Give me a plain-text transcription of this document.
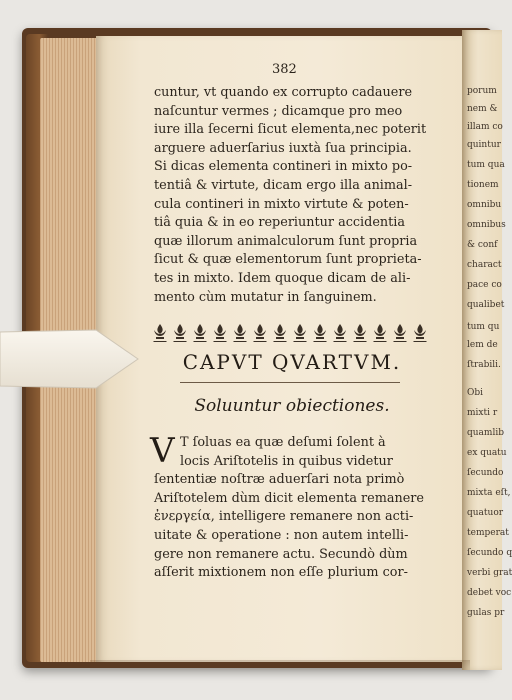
382
cuntur, vt quando ex corrupto cadauere
naſcuntur vermes ; dicamque pro meo
iure illa ſecerni ſicut elementa,nec poterit
arguere aduerſarius iuxtà ſua principia.
Si dicas elementa contineri in mixto po-
tentiâ & virtute, dicam ergo illa animal-
cula contineri in mixto virtute & poten-
tiâ quia & in eo reperiuntur accidentia
quæ illorum animalculorum ſunt propria
ſicut & quæ elementorum ſunt proprieta-
tes in mixto. Idem quoque dicam de ali-
mento cùm mutatur in ſanguinem.
CAPVT QVARTVM.
Soluuntur obiectiones.
V T ſoluas ea quæ deſumi ſolent à
locis Ariſtotelis in quibus videtur
ſententiæ noſtræ aduerſari nota primò
Ariſtotelem dùm dicit elementa remanere
ἐνεργεία, intelligere remanere non acti-
uitate & operatione : non autem intelli-
gere non remanere actu. Secundò dùm
aſſerit mixtionem non eſſe plurium cor-
porum
nem &
illam co
quintur
tum qua
tionem
omnibu
omnibus
& conf
charact
pace co
qualibet
tum qu
lem de
ſtrabili.
Obi
mixti r
quamlib
ex quatu
ſecundo
mixta eſt,
quatuor
temperat
ſecundo q
verbi grat
debet voc
gulas pr
